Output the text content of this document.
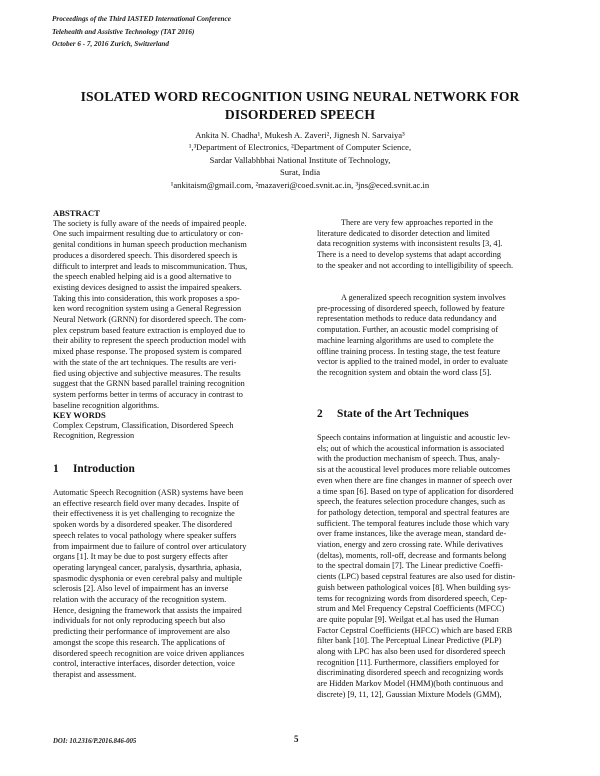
Proceedings of the Third IASTED International Conference
Telehealth and Assistive Technology (TAT 2016)
October 6 - 7, 2016 Zurich, Switzerland
ISOLATED WORD RECOGNITION USING NEURAL NETWORK FOR
DISORDERED SPEECH
Ankita N. Chadha¹, Mukesh A. Zaveri², Jignesh N. Sarvaiya³
¹,³Department of Electronics, ²Department of Computer Science,
Sardar Vallabhbhai National Institute of Technology,
Surat, India
¹ankitaism@gmail.com, ²mazaveri@coed.svnit.ac.in, ³jns@eced.svnit.ac.in
ABSTRACT

The society is fully aware of the needs of impaired people.
One such impairment resulting due to articulatory or con-
genital conditions in human speech production mechanism
produces a disordered speech. This disordered speech is
difficult to interpret and leads to miscommunication. Thus,
the speech enabled helping aid is a good alternative to
existing devices designed to assist the impaired speakers.
Taking this into consideration, this work proposes a spo-
ken word recognition system using a General Regression
Neural Network (GRNN) for disordered speech. The com-
plex cepstrum based feature extraction is employed due to
their ability to represent the speech production model with
mixed phase response. The proposed system is compared
with the state of the art techniques. The results are veri-
fied using objective and subjective measures. The results
suggest that the GRNN based parallel training recognition
system performs better in terms of accuracy in contrast to
baseline recognition algorithms.

KEY WORDS

Complex Cepstrum, Classification, Disordered Speech
Recognition, Regression

1 Introduction

Automatic Speech Recognition (ASR) systems have been
an effective research field over many decades. Inspite of
their effectiveness it is yet challenging to recognize the
spoken words by a disordered speaker. The disordered
speech relates to vocal pathology where speaker suffers
from impairment due to failure of control over articulatory
organs [1]. It may be due to post surgery effects after
operating laryngeal cancer, paralysis, dysarthria, aphasia,
spasmodic dysphonia or even cerebral palsy and multiple
sclerosis [2]. Also level of impairment has an inverse
relation with the accuracy of the recognition system.
Hence, designing the framework that assists the impaired
individuals for not only reproducing speech but also
predicting their performance of improvement are also
amongst the scope this research. The applications of
disordered speech recognition are voice driven appliances
control, interactive interfaces, disorder detection, voice
therapist and assessment.

There are very few approaches reported in the
literature dedicated to disorder detection and limited
data recognition systems with inconsistent results [3, 4].
There is a need to develop systems that adapt according
to the speaker and not according to intelligibility of speech.

A generalized speech recognition system involves
pre-processing of disordered speech, followed by feature
representation methods to reduce data redundancy and
computation. Further, an acoustic model comprising of
machine learning algorithms are used to complete the
offline training process. In testing stage, the test feature
vector is applied to the trained model, in order to evaluate
the recognition system and obtain the word class [5].

2 State of the Art Techniques

Speech contains information at linguistic and acoustic lev-
els; out of which the acoustical information is associated
with the production mechanism of speech. Thus, analy-
sis at the acoustical level produces more reliable outcomes
even when there are fine changes in manner of speech over
a time span [6]. Based on type of application for disordered
speech, the features selection procedure changes, such as
for pathology detection, temporal and spectral features are
sufficient. The temporal features include those which vary
over frame instances, like the average mean, standard de-
viation, energy and zero crossing rate. While derivatives
(deltas), moments, roll-off, decrease and formants belong
to the spectral domain [7]. The Linear predictive Coeffi-
cients (LPC) based cepstral features are also used for distin-
guish between pathological voices [8]. When building sys-
tems for recognizing words from disordered speech, Cep-
strum and Mel Frequency Cepstral Coefficients (MFCC)
are quite popular [9]. Weilgat et.al has used the Human
Factor Cepstral Coefficients (HFCC) which are based ERB
filter bank [10]. The Perceptual Linear Predictive (PLP)
along with LPC has also been used for disordered speech
recognition [11]. Furthermore, classifiers employed for
discriminating disordered speech and recognizing words
are Hidden Markov Model (HMM)(both continuous and
discrete) [9, 11, 12], Gaussian Mixture Models (GMM),

DOI: 10.2316/P.2016.846-005	5
